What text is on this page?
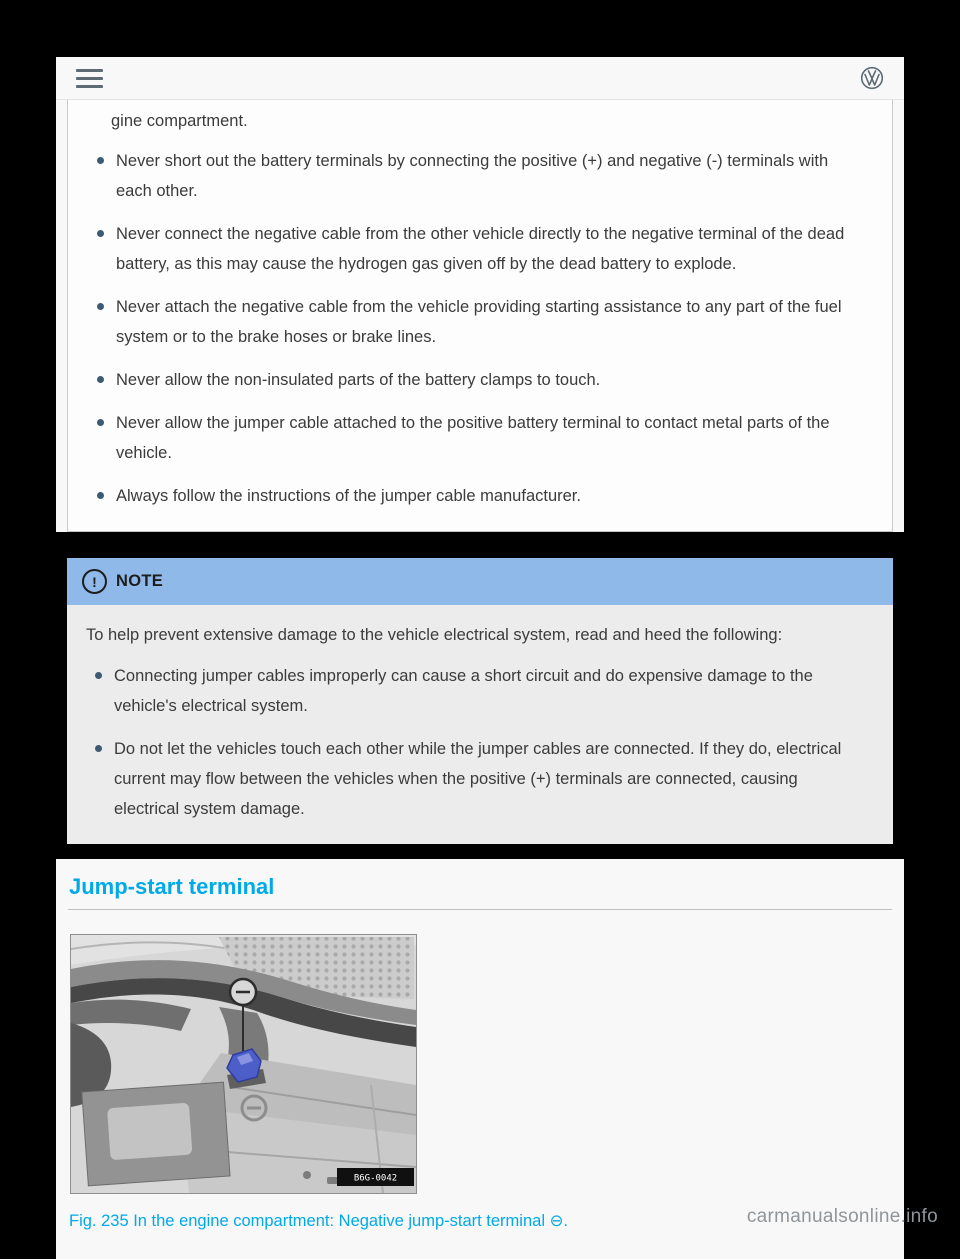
gine compartment.
Never short out the battery terminals by connecting the positive (+) and negative (-) terminals with each other.
Never connect the negative cable from the other vehicle directly to the negative terminal of the dead battery, as this may cause the hydrogen gas given off by the dead battery to explode.
Never attach the negative cable from the vehicle providing starting assistance to any part of the fuel system or to the brake hoses or brake lines.
Never allow the non-insulated parts of the battery clamps to touch.
Never allow the jumper cable attached to the positive battery terminal to contact metal parts of the vehicle.
Always follow the instructions of the jumper cable manufacturer.
!
NOTE
To help prevent extensive damage to the vehicle electrical system, read and heed the following:
Connecting jumper cables improperly can cause a short circuit and do expensive damage to the vehicle's electrical system.
Do not let the vehicles touch each other while the jumper cables are connected. If they do, electrical current may flow between the vehicles when the positive (+) terminals are connected, causing electrical system damage.
Jump-start terminal
B6G-0042
Fig. 235 In the engine compartment: Negative jump-start terminal ⊖.	carmanualsonline.info
